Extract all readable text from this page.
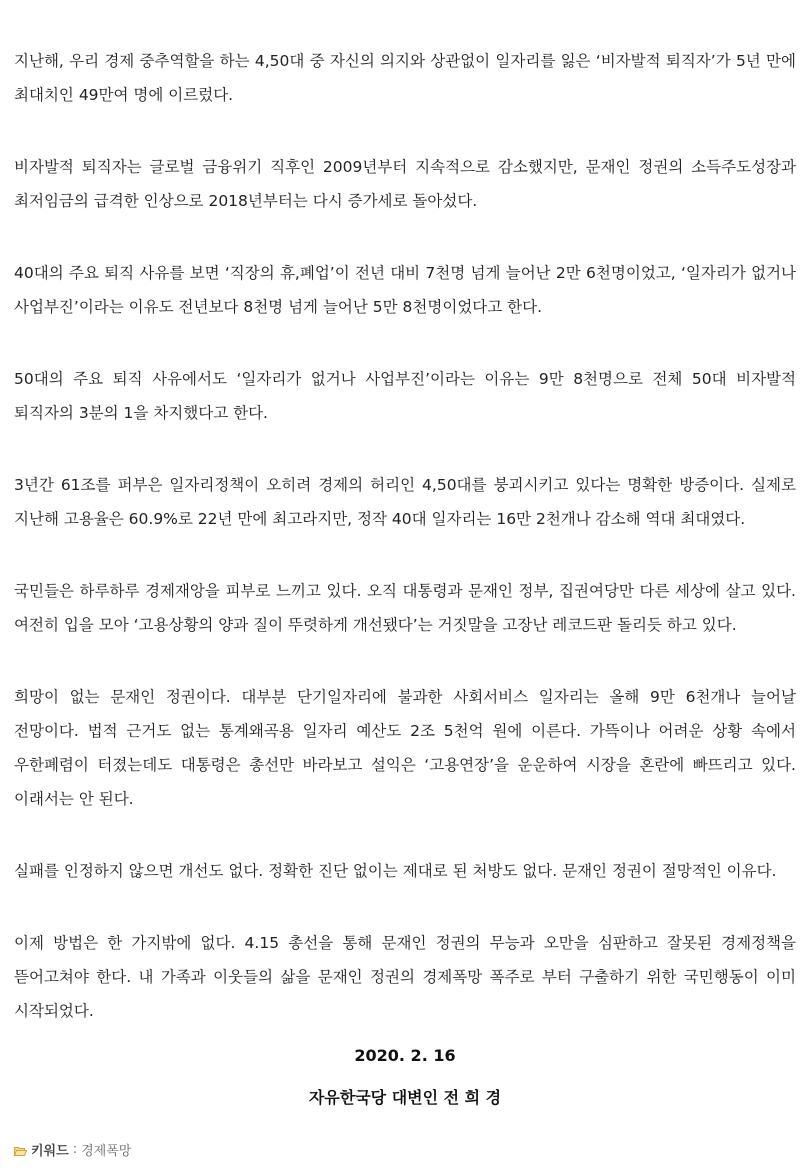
지난해, 우리 경제 중추역할을 하는 4,50대 중 자신의 의지와 상관없이 일자리를 잃은 ‘비자발적 퇴직자’가 5년 만에 최대치인 49만여 명에 이르렀다.

비자발적 퇴직자는 글로벌 금융위기 직후인 2009년부터 지속적으로 감소했지만, 문재인 정권의 소득주도성장과 최저임금의 급격한 인상으로 2018년부터는 다시 증가세로 돌아섰다.

40대의 주요 퇴직 사유를 보면 ‘직장의 휴,폐업’이 전년 대비 7천명 넘게 늘어난 2만 6천명이었고, ‘일자리가 없거나 사업부진’이라는 이유도 전년보다 8천명 넘게 늘어난 5만 8천명이었다고 한다.

50대의 주요 퇴직 사유에서도 ‘일자리가 없거나 사업부진’이라는 이유는 9만 8천명으로 전체 50대 비자발적 퇴직자의 3분의 1을 차지했다고 한다.

3년간 61조를 퍼부은 일자리정책이 오히려 경제의 허리인 4,50대를 붕괴시키고 있다는 명확한 방증이다. 실제로 지난해 고용율은 60.9%로 22년 만에 최고라지만, 정작 40대 일자리는 16만 2천개나 감소해 역대 최대였다.

국민들은 하루하루 경제재앙을 피부로 느끼고 있다. 오직 대통령과 문재인 정부, 집권여당만 다른 세상에 살고 있다. 여전히 입을 모아 ‘고용상황의 양과 질이 뚜렷하게 개선됐다’는 거짓말을 고장난 레코드판 돌리듯 하고 있다.

희망이 없는 문재인 정권이다. 대부분 단기일자리에 불과한 사회서비스 일자리는 올해 9만 6천개나 늘어날 전망이다. 법적 근거도 없는 통계왜곡용 일자리 예산도 2조 5천억 원에 이른다. 가뜩이나 어려운 상황 속에서 우한폐렴이 터졌는데도 대통령은 총선만 바라보고 설익은 ‘고용연장’을 운운하여 시장을 혼란에 빠뜨리고 있다. 이래서는 안 된다.

실패를 인정하지 않으면 개선도 없다. 정확한 진단 없이는 제대로 된 처방도 없다. 문재인 정권이 절망적인 이유다.

이제 방법은 한 가지밖에 없다. 4.15 총선을 통해 문재인 정권의 무능과 오만을 심판하고 잘못된 경제정책을 뜯어고쳐야 한다. 내 가족과 이웃들의 삶을 문재인 정권의 경제폭망 폭주로 부터 구출하기 위한 국민행동이 이미 시작되었다.

2020. 2. 16
자유한국당 대변인 전 희 경
키워드 : 경제폭망
